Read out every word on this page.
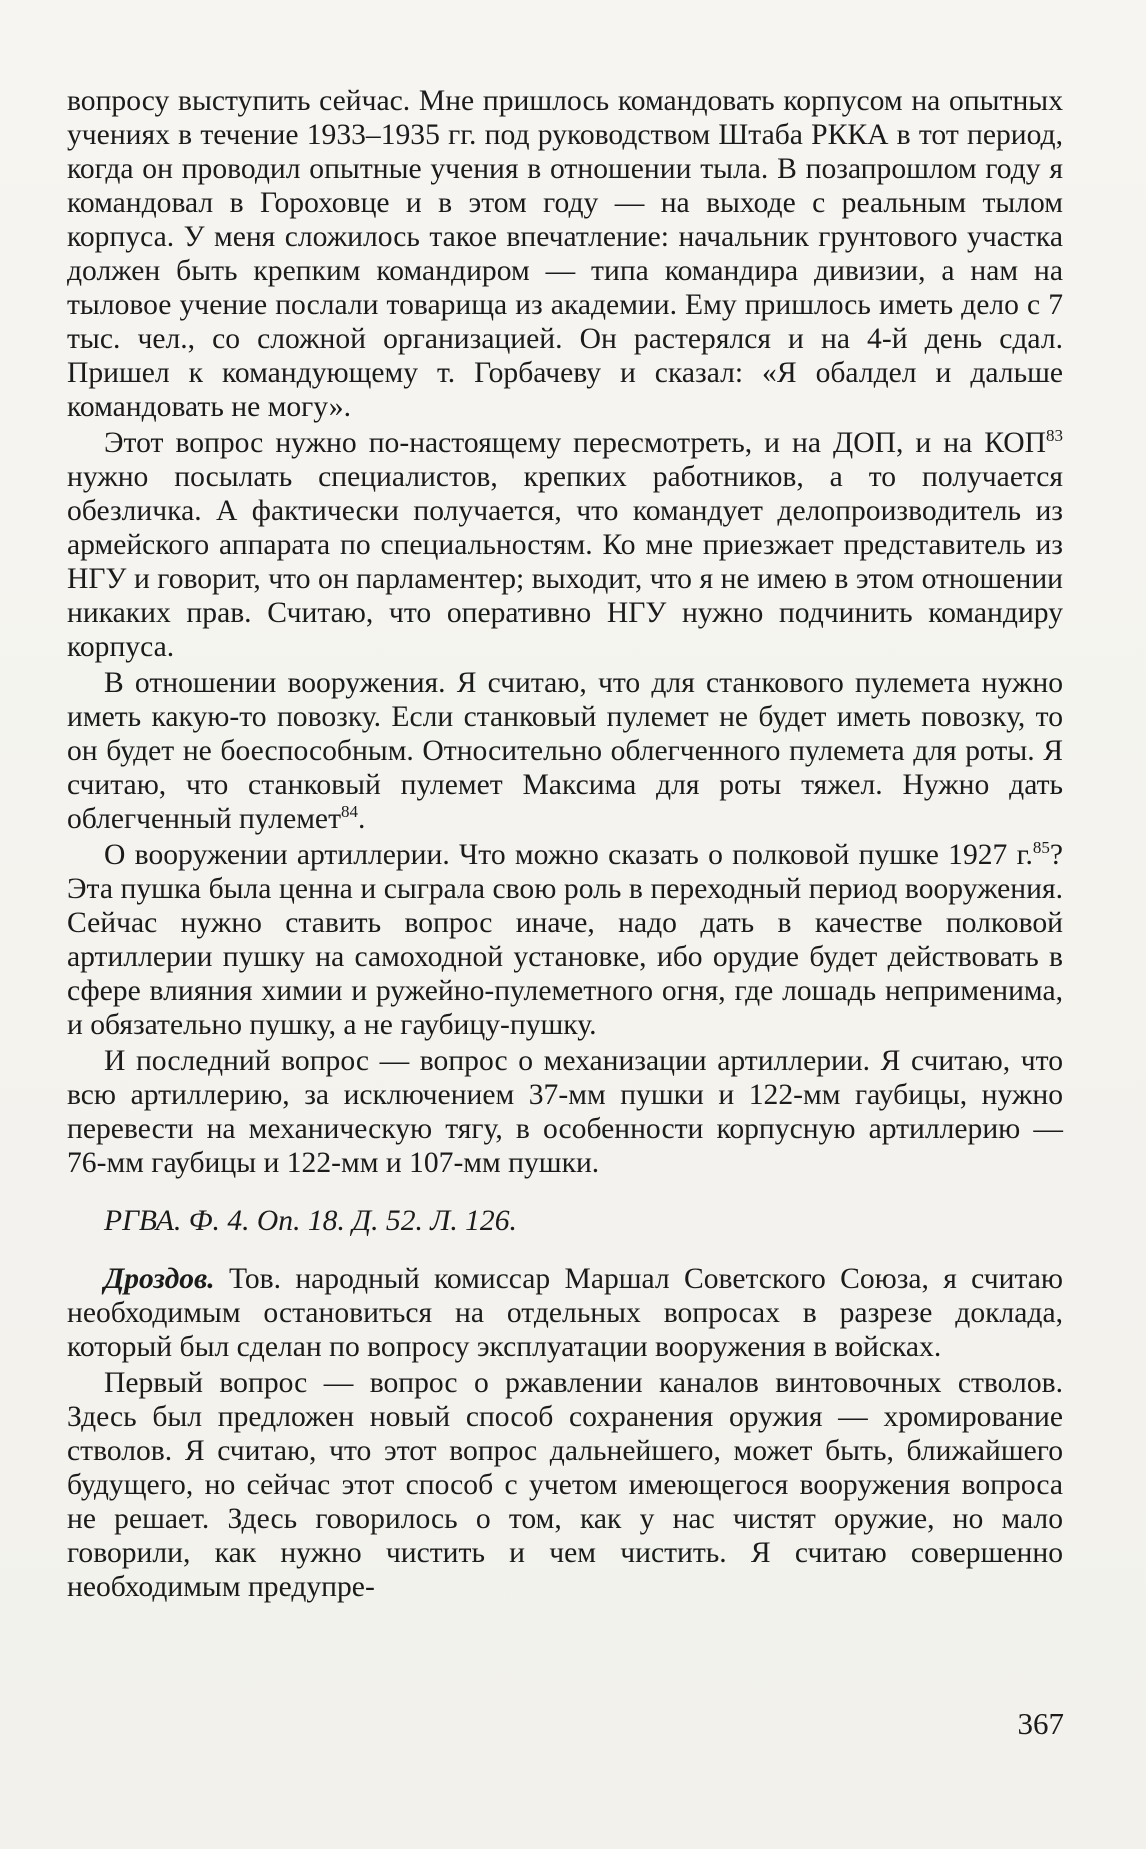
вопросу выступить сейчас. Мне пришлось командовать корпусом на опытных учениях в течение 1933–1935 гг. под руководством Штаба РККА в тот период, когда он проводил опытные учения в отношении тыла. В позапрошлом году я командовал в Гороховце и в этом году — на выходе с реальным тылом корпуса. У меня сложилось такое впечатление: начальник грунтового участка должен быть крепким командиром — типа командира дивизии, а нам на тыловое учение послали товарища из академии. Ему пришлось иметь дело с 7 тыс. чел., со сложной организацией. Он растерялся и на 4-й день сдал. Пришел к командующему т. Горбачеву и сказал: «Я обалдел и дальше командовать не могу».

Этот вопрос нужно по-настоящему пересмотреть, и на ДОП, и на КОП$^{83}$ нужно посылать специалистов, крепких работников, а то получается обезличка. А фактически получается, что командует делопроизводитель из армейского аппарата по специальностям. Ко мне приезжает представитель из НГУ и говорит, что он парламентер; выходит, что я не имею в этом отношении никаких прав. Считаю, что оперативно НГУ нужно подчинить командиру корпуса.

В отношении вооружения. Я считаю, что для станкового пулемета нужно иметь какую-то повозку. Если станковый пулемет не будет иметь повозку, то он будет не боеспособным. Относительно облегченного пулемета для роты. Я считаю, что станковый пулемет Максима для роты тяжел. Нужно дать облегченный пулемет$^{84}$.

О вооружении артиллерии. Что можно сказать о полковой пушке 1927 г.$^{85}$? Эта пушка была ценна и сыграла свою роль в переходный период вооружения. Сейчас нужно ставить вопрос иначе, надо дать в качестве полковой артиллерии пушку на самоходной установке, ибо орудие будет действовать в сфере влияния химии и ружейно-пулеметного огня, где лошадь неприменима, и обязательно пушку, а не гаубицу-пушку.

И последний вопрос — вопрос о механизации артиллерии. Я считаю, что всю артиллерию, за исключением 37-мм пушки и 122-мм гаубицы, нужно перевести на механическую тягу, в особенности корпусную артиллерию — 76-мм гаубицы и 122-мм и 107-мм пушки.

РГВА. Ф. 4. Оп. 18. Д. 52. Л. 126.

Дроздов. Тов. народный комиссар Маршал Советского Союза, я считаю необходимым остановиться на отдельных вопросах в разрезе доклада, который был сделан по вопросу эксплуатации вооружения в войсках.

Первый вопрос — вопрос о ржавлении каналов винтовочных стволов. Здесь был предложен новый способ сохранения оружия — хромирование стволов. Я считаю, что этот вопрос дальнейшего, может быть, ближайшего будущего, но сейчас этот способ с учетом имеющегося вооружения вопроса не решает. Здесь говорилось о том, как у нас чистят оружие, но мало говорили, как нужно чистить и чем чистить. Я считаю совершенно необходимым предупре-

367
